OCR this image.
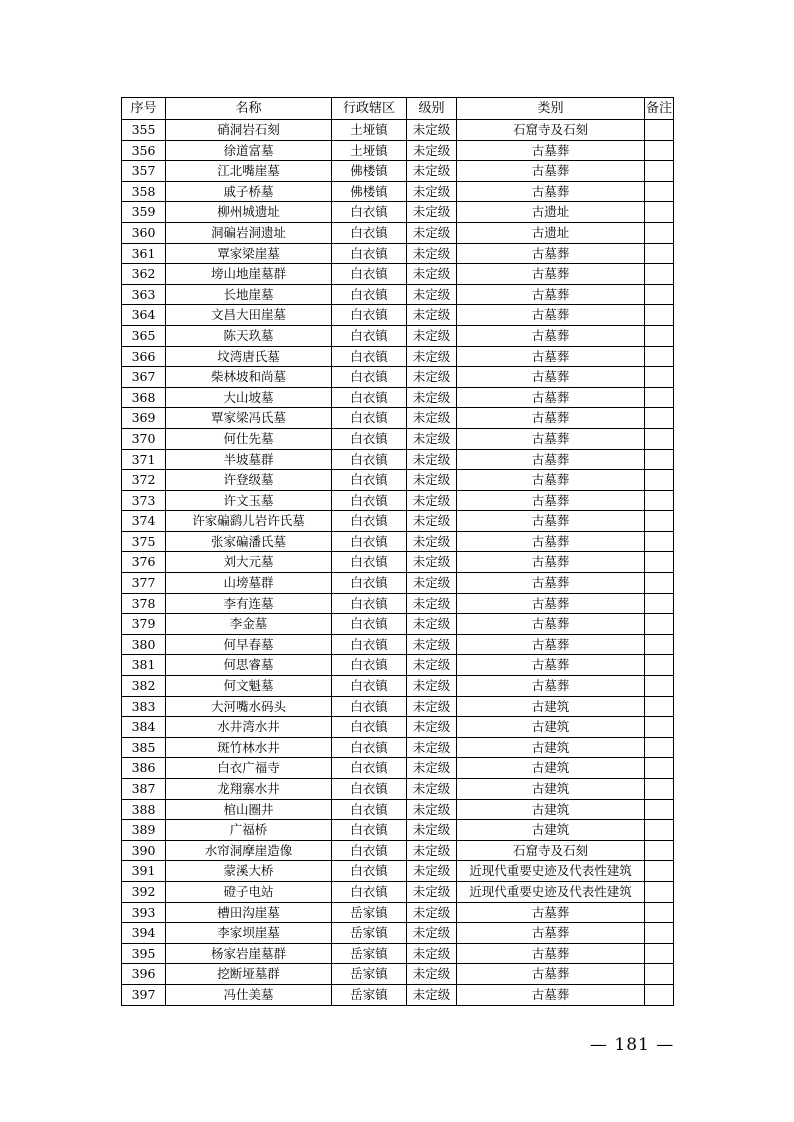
序号	名称	行政辖区	级别	类别	备注
355	硝洞岩石刻	土垭镇	未定级	石窟寺及石刻	
356	徐道富墓	土垭镇	未定级	古墓葬	
357	江北嘴崖墓	佛楼镇	未定级	古墓葬	
358	戚子桥墓	佛楼镇	未定级	古墓葬	
359	柳州城遗址	白衣镇	未定级	古遗址	
360	洞碥岩洞遗址	白衣镇	未定级	古遗址	
361	覃家梁崖墓	白衣镇	未定级	古墓葬	
362	塝山地崖墓群	白衣镇	未定级	古墓葬	
363	长地崖墓	白衣镇	未定级	古墓葬	
364	文昌大田崖墓	白衣镇	未定级	古墓葬	
365	陈天玖墓	白衣镇	未定级	古墓葬	
366	坟湾唐氏墓	白衣镇	未定级	古墓葬	
367	柴林坡和尚墓	白衣镇	未定级	古墓葬	
368	大山坡墓	白衣镇	未定级	古墓葬	
369	覃家梁冯氏墓	白衣镇	未定级	古墓葬	
370	何仕先墓	白衣镇	未定级	古墓葬	
371	半坡墓群	白衣镇	未定级	古墓葬	
372	许登级墓	白衣镇	未定级	古墓葬	
373	许文玉墓	白衣镇	未定级	古墓葬	
374	许家碥鹞儿岩许氏墓	白衣镇	未定级	古墓葬	
375	张家碥潘氏墓	白衣镇	未定级	古墓葬	
376	刘大元墓	白衣镇	未定级	古墓葬	
377	山塝墓群	白衣镇	未定级	古墓葬	
378	李有连墓	白衣镇	未定级	古墓葬	
379	李金墓	白衣镇	未定级	古墓葬	
380	何早春墓	白衣镇	未定级	古墓葬	
381	何思睿墓	白衣镇	未定级	古墓葬	
382	何文魁墓	白衣镇	未定级	古墓葬	
383	大河嘴水码头	白衣镇	未定级	古建筑	
384	水井湾水井	白衣镇	未定级	古建筑	
385	斑竹林水井	白衣镇	未定级	古建筑	
386	白衣广福寺	白衣镇	未定级	古建筑	
387	龙翔寨水井	白衣镇	未定级	古建筑	
388	棺山圈井	白衣镇	未定级	古建筑	
389	广福桥	白衣镇	未定级	古建筑	
390	水帘洞摩崖造像	白衣镇	未定级	石窟寺及石刻	
391	蒙溪大桥	白衣镇	未定级	近现代重要史迹及代表性建筑	
392	磴子电站	白衣镇	未定级	近现代重要史迹及代表性建筑	
393	槽田沟崖墓	岳家镇	未定级	古墓葬	
394	李家坝崖墓	岳家镇	未定级	古墓葬	
395	杨家岩崖墓群	岳家镇	未定级	古墓葬	
396	挖断垭墓群	岳家镇	未定级	古墓葬	
397	冯仕美墓	岳家镇	未定级	古墓葬	
— 181 —
